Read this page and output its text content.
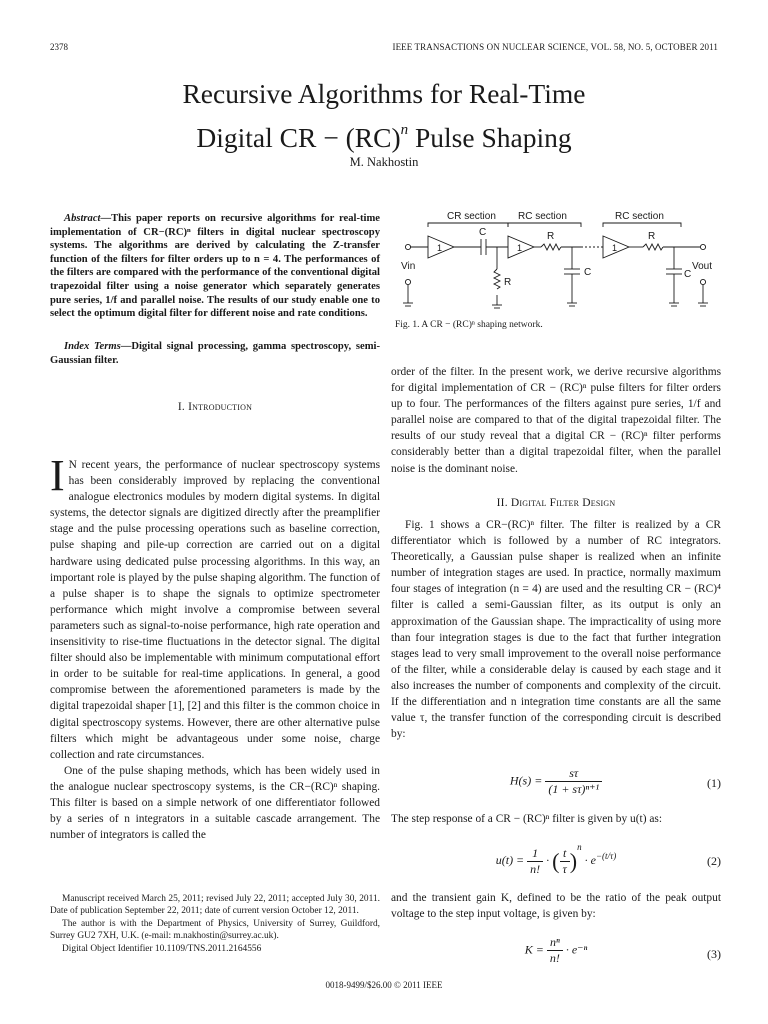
2378	IEEE TRANSACTIONS ON NUCLEAR SCIENCE, VOL. 58, NO. 5, OCTOBER 2011
Recursive Algorithms for Real-Time
Digital CR − (RC)$^n$ Pulse Shaping
M. Nakhostin
Abstract—This paper reports on recursive algorithms for real-time implementation of CR−(RC)ⁿ filters in digital nuclear spectroscopy systems. The algorithms are derived by calculating the Z-transfer function of the filters for filter orders up to n = 4. The performances of the filters are compared with the performance of the conventional digital trapezoidal filter using a noise generator which separately generates pure series, 1/f and parallel noise. The results of our study enable one to select the optimum digital filter for different noise and rate conditions.
Index Terms—Digital signal processing, gamma spectroscopy, semi-Gaussian filter.
I. Introduction

I N recent years, the performance of nuclear spectroscopy systems has been considerably improved by replacing the conventional analogue electronics modules by modern digital systems. In digital systems, the detector signals are digitized directly after the preamplifier stage and the pulse processing operations such as baseline correction, pulse shaping and pile-up correction are carried out on a digital hardware using dedicated pulse processing algorithms. In this way, an important role is played by the pulse shaping algorithm. The function of a pulse shaper is to shape the signals to optimize spectrometer performance which might involve a compromise between several parameters such as signal-to-noise performance, high rate operation and insensitivity to rise-time fluctuations in the detector signal. The digital filter should also be implementable with minimum computational effort in order to be suitable for real-time applications. In general, a good compromise between the aforementioned parameters is made by the digital trapezoidal shaper [1], [2] and this filter is the common choice in digital spectroscopy systems. However, there are other alternative pulse filters which might be advantageous under some noise, charge collection and rate circumstances.

One of the pulse shaping methods, which has been widely used in the analogue nuclear spectroscopy systems, is the CR−(RC)ⁿ shaping. This filter is based on a simple network of one differentiator followed by a series of n integrators in a suitable cascade arrangement. The number of integrators is called the

Manuscript received March 25, 2011; revised July 22, 2011; accepted July 30, 2011. Date of publication September 22, 2011; date of current version October 12, 2011.

The author is with the Department of Physics, University of Surrey, Guildford, Surrey GU2 7XH, U.K. (e-mail: m.nakhostin@surrey.ac.uk).

Digital Object Identifier 10.1109/TNS.2011.2164556

CR section RC section	RC section
1	1	1
C
R
R
C
R
C
Vin	Vout
Fig. 1. A CR − (RC)ⁿ shaping network.

order of the filter. In the present work, we derive recursive algorithms for digital implementation of CR − (RC)ⁿ pulse filters for filter orders up to four. The performances of the filters against pure series, 1/f and parallel noise are compared to that of the digital trapezoidal filter. The results of our study reveal that a digital CR − (RC)ⁿ filter performs considerably better than a digital trapezoidal filter, when the parallel noise is the dominant noise.

II. Digital Filter Design

Fig. 1 shows a CR−(RC)ⁿ filter. The filter is realized by a CR differentiator which is followed by a number of RC integrators. Theoretically, a Gaussian pulse shaper is realized when an infinite number of integration stages are used. In practice, normally maximum four stages of integration (n = 4) are used and the resulting CR − (RC)⁴ filter is called a semi-Gaussian filter, as its output is only an approximation of the Gaussian shape. The impracticality of using more than four integration stages is due to the fact that further integration stages lead to very small improvement to the overall noise performance of the filter, while a considerable delay is caused by each stage and it also increases the number of components and complexity of the circuit. If the differentiation and n integration time constants are all the same value τ, the transfer function of the corresponding circuit is described by:

$H(s) = \frac{s\tau}{\text{(1 + sτ)ⁿ⁺¹}}$	(1)
The step response of a CR − (RC)ⁿ filter is given by u(t) as:
$u(t) = \frac{1}{n!}$ · ( $\frac{t}{\tau} )^n \cdot e^{-(t/\tau)}$	(2)
and the transient gain K, defined to be the ratio of the peak output voltage to the step input voltage, is given by:
$K = \frac{\text{nⁿ}}{n!} \cdot e^{-n}$	(3)
0018-9499/$26.00 © 2011 IEEE
